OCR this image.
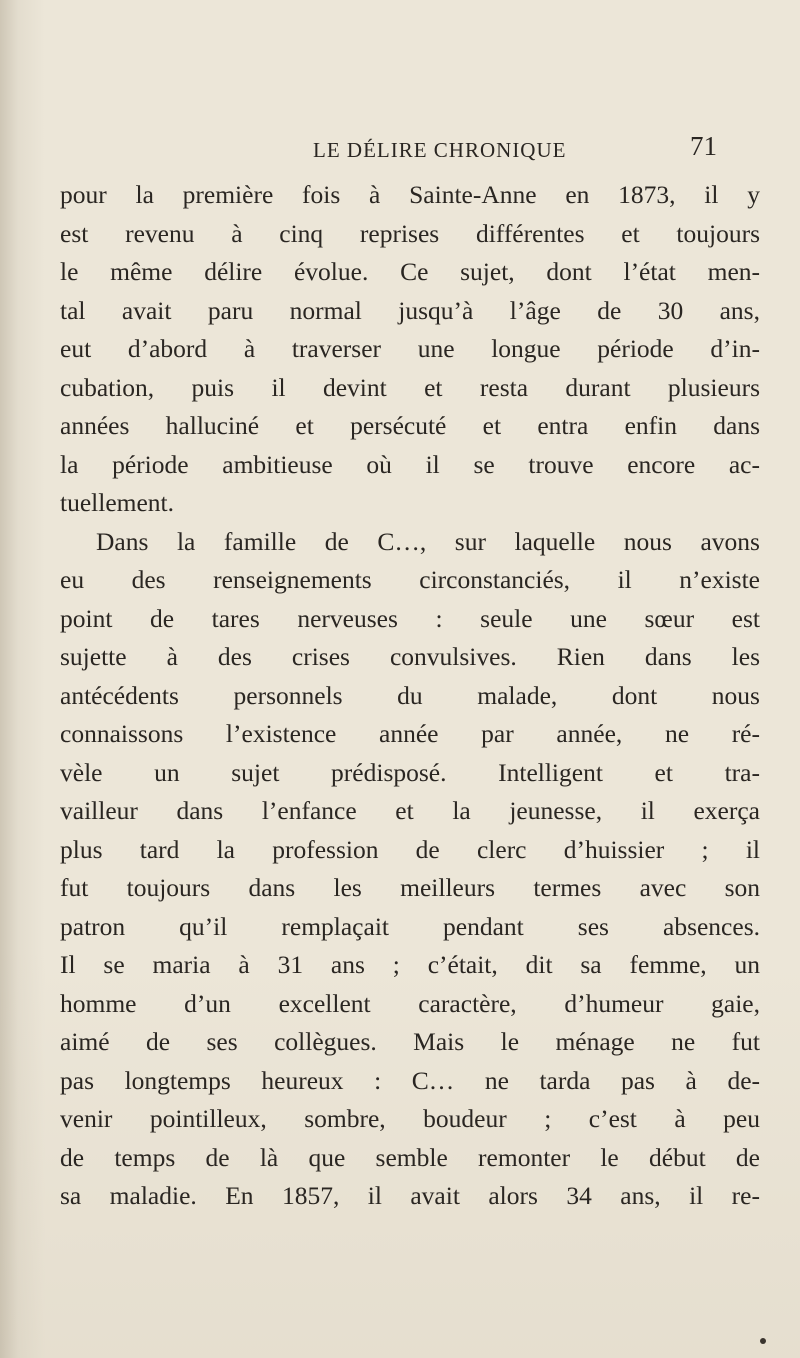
LE DÉLIRE CHRONIQUE	71
pour la première fois à Sainte-Anne en 1873, il y
est revenu à cinq reprises différentes et toujours
le même délire évolue. Ce sujet, dont l’état men-
tal avait paru normal jusqu’à l’âge de 30 ans,
eut d’abord à traverser une longue période d’in-
cubation, puis il devint et resta durant plusieurs
années halluciné et persécuté et entra enfin dans
la période ambitieuse où il se trouve encore ac-
tuellement.
Dans la famille de C…, sur laquelle nous avons
eu des renseignements circonstanciés, il n’existe
point de tares nerveuses : seule une sœur est
sujette à des crises convulsives. Rien dans les
antécédents personnels du malade, dont nous
connaissons l’existence année par année, ne ré-
vèle un sujet prédisposé. Intelligent et tra-
vailleur dans l’enfance et la jeunesse, il exerça
plus tard la profession de clerc d’huissier ; il
fut toujours dans les meilleurs termes avec son
patron qu’il remplaçait pendant ses absences.
Il se maria à 31 ans ; c’était, dit sa femme, un
homme d’un excellent caractère, d’humeur gaie,
aimé de ses collègues. Mais le ménage ne fut
pas longtemps heureux : C… ne tarda pas à de-
venir pointilleux, sombre, boudeur ; c’est à peu
de temps de là que semble remonter le début de
sa maladie. En 1857, il avait alors 34 ans, il re-
